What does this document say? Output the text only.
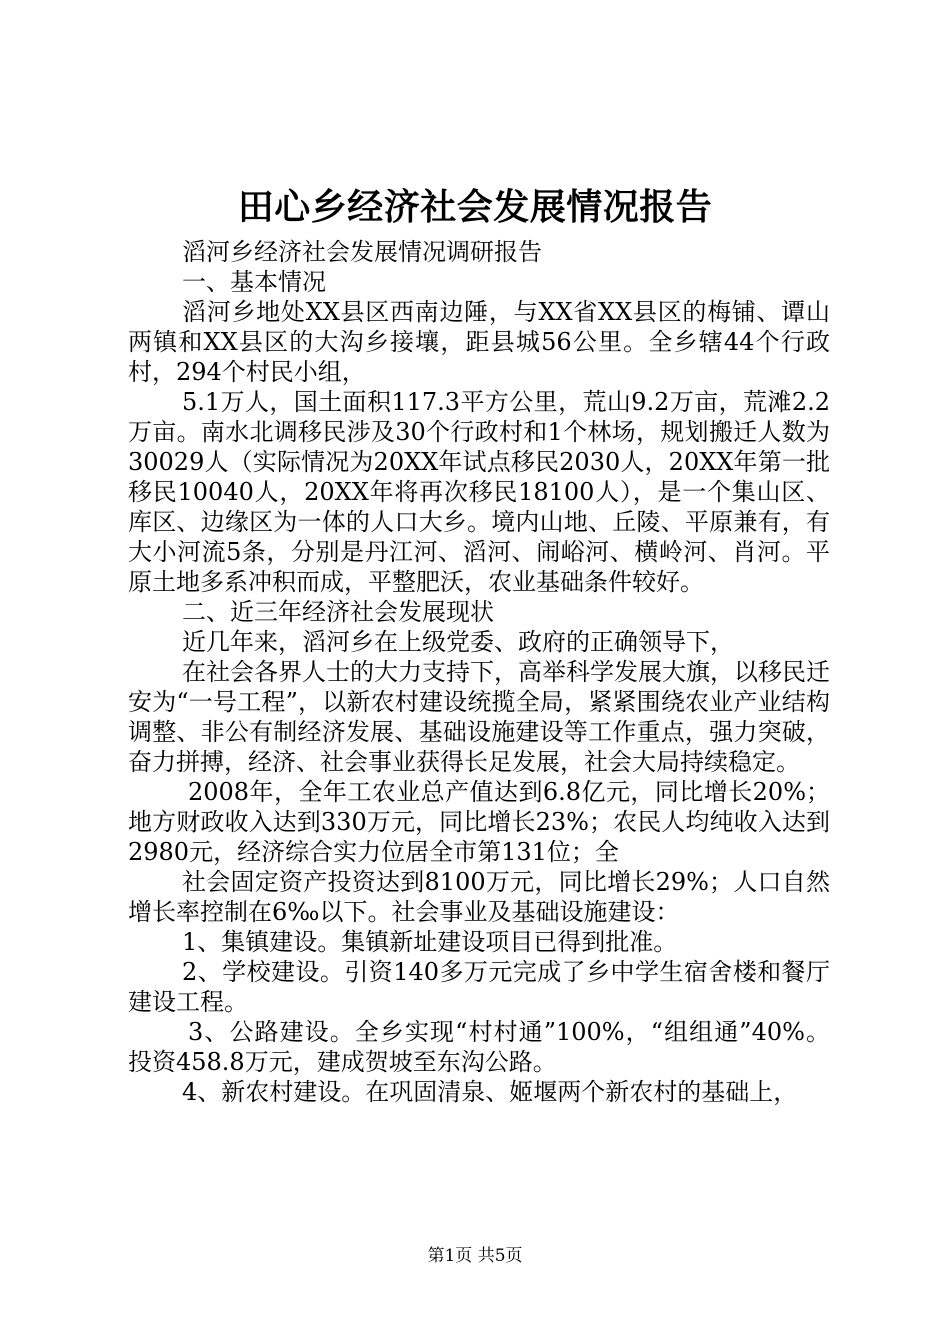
田心乡经济社会发展情况报告

滔河乡经济社会发展情况调研报告

一、基本情况

滔河乡地处XX县区西南边陲，与XX省XX县区的梅铺、谭山两镇和XX县区的大沟乡接壤，距县城56公里。全乡辖44个行政村，294个村民小组，

5.1万人，国土面积117.3平方公里，荒山9.2万亩，荒滩2.2万亩。南水北调移民涉及30个行政村和1个林场，规划搬迁人数为30029人（实际情况为20XX年试点移民2030人，20XX年第一批移民10040人，20XX年将再次移民18100人），是一个集山区、库区、边缘区为一体的人口大乡。境内山地、丘陵、平原兼有，有大小河流5条，分别是丹江河、滔河、闹峪河、横岭河、肖河。平原土地多系冲积而成，平整肥沃，农业基础条件较好。

二、近三年经济社会发展现状

近几年来，滔河乡在上级党委、政府的正确领导下，

在社会各界人士的大力支持下，高举科学发展大旗，以移民迁安为“一号工程”，以新农村建设统揽全局，紧紧围绕农业产业结构调整、非公有制经济发展、基础设施建设等工作重点，强力突破，奋力拼搏，经济、社会事业获得长足发展，社会大局持续稳定。

2008年，全年工农业总产值达到6.8亿元，同比增长20%；地方财政收入达到330万元，同比增长23%；农民人均纯收入达到2980元，经济综合实力位居全市第131位；全

社会固定资产投资达到8100万元，同比增长29%；人口自然增长率控制在6‰以下。社会事业及基础设施建设：

1、集镇建设。集镇新址建设项目已得到批准。

2、学校建设。引资140多万元完成了乡中学生宿舍楼和餐厅建设工程。

3、公路建设。全乡实现“村村通”100%，“组组通”40%。投资458.8万元，建成贺坡至东沟公路。

4、新农村建设。在巩固清泉、姬堰两个新农村的基础上，

第1页 共5页
